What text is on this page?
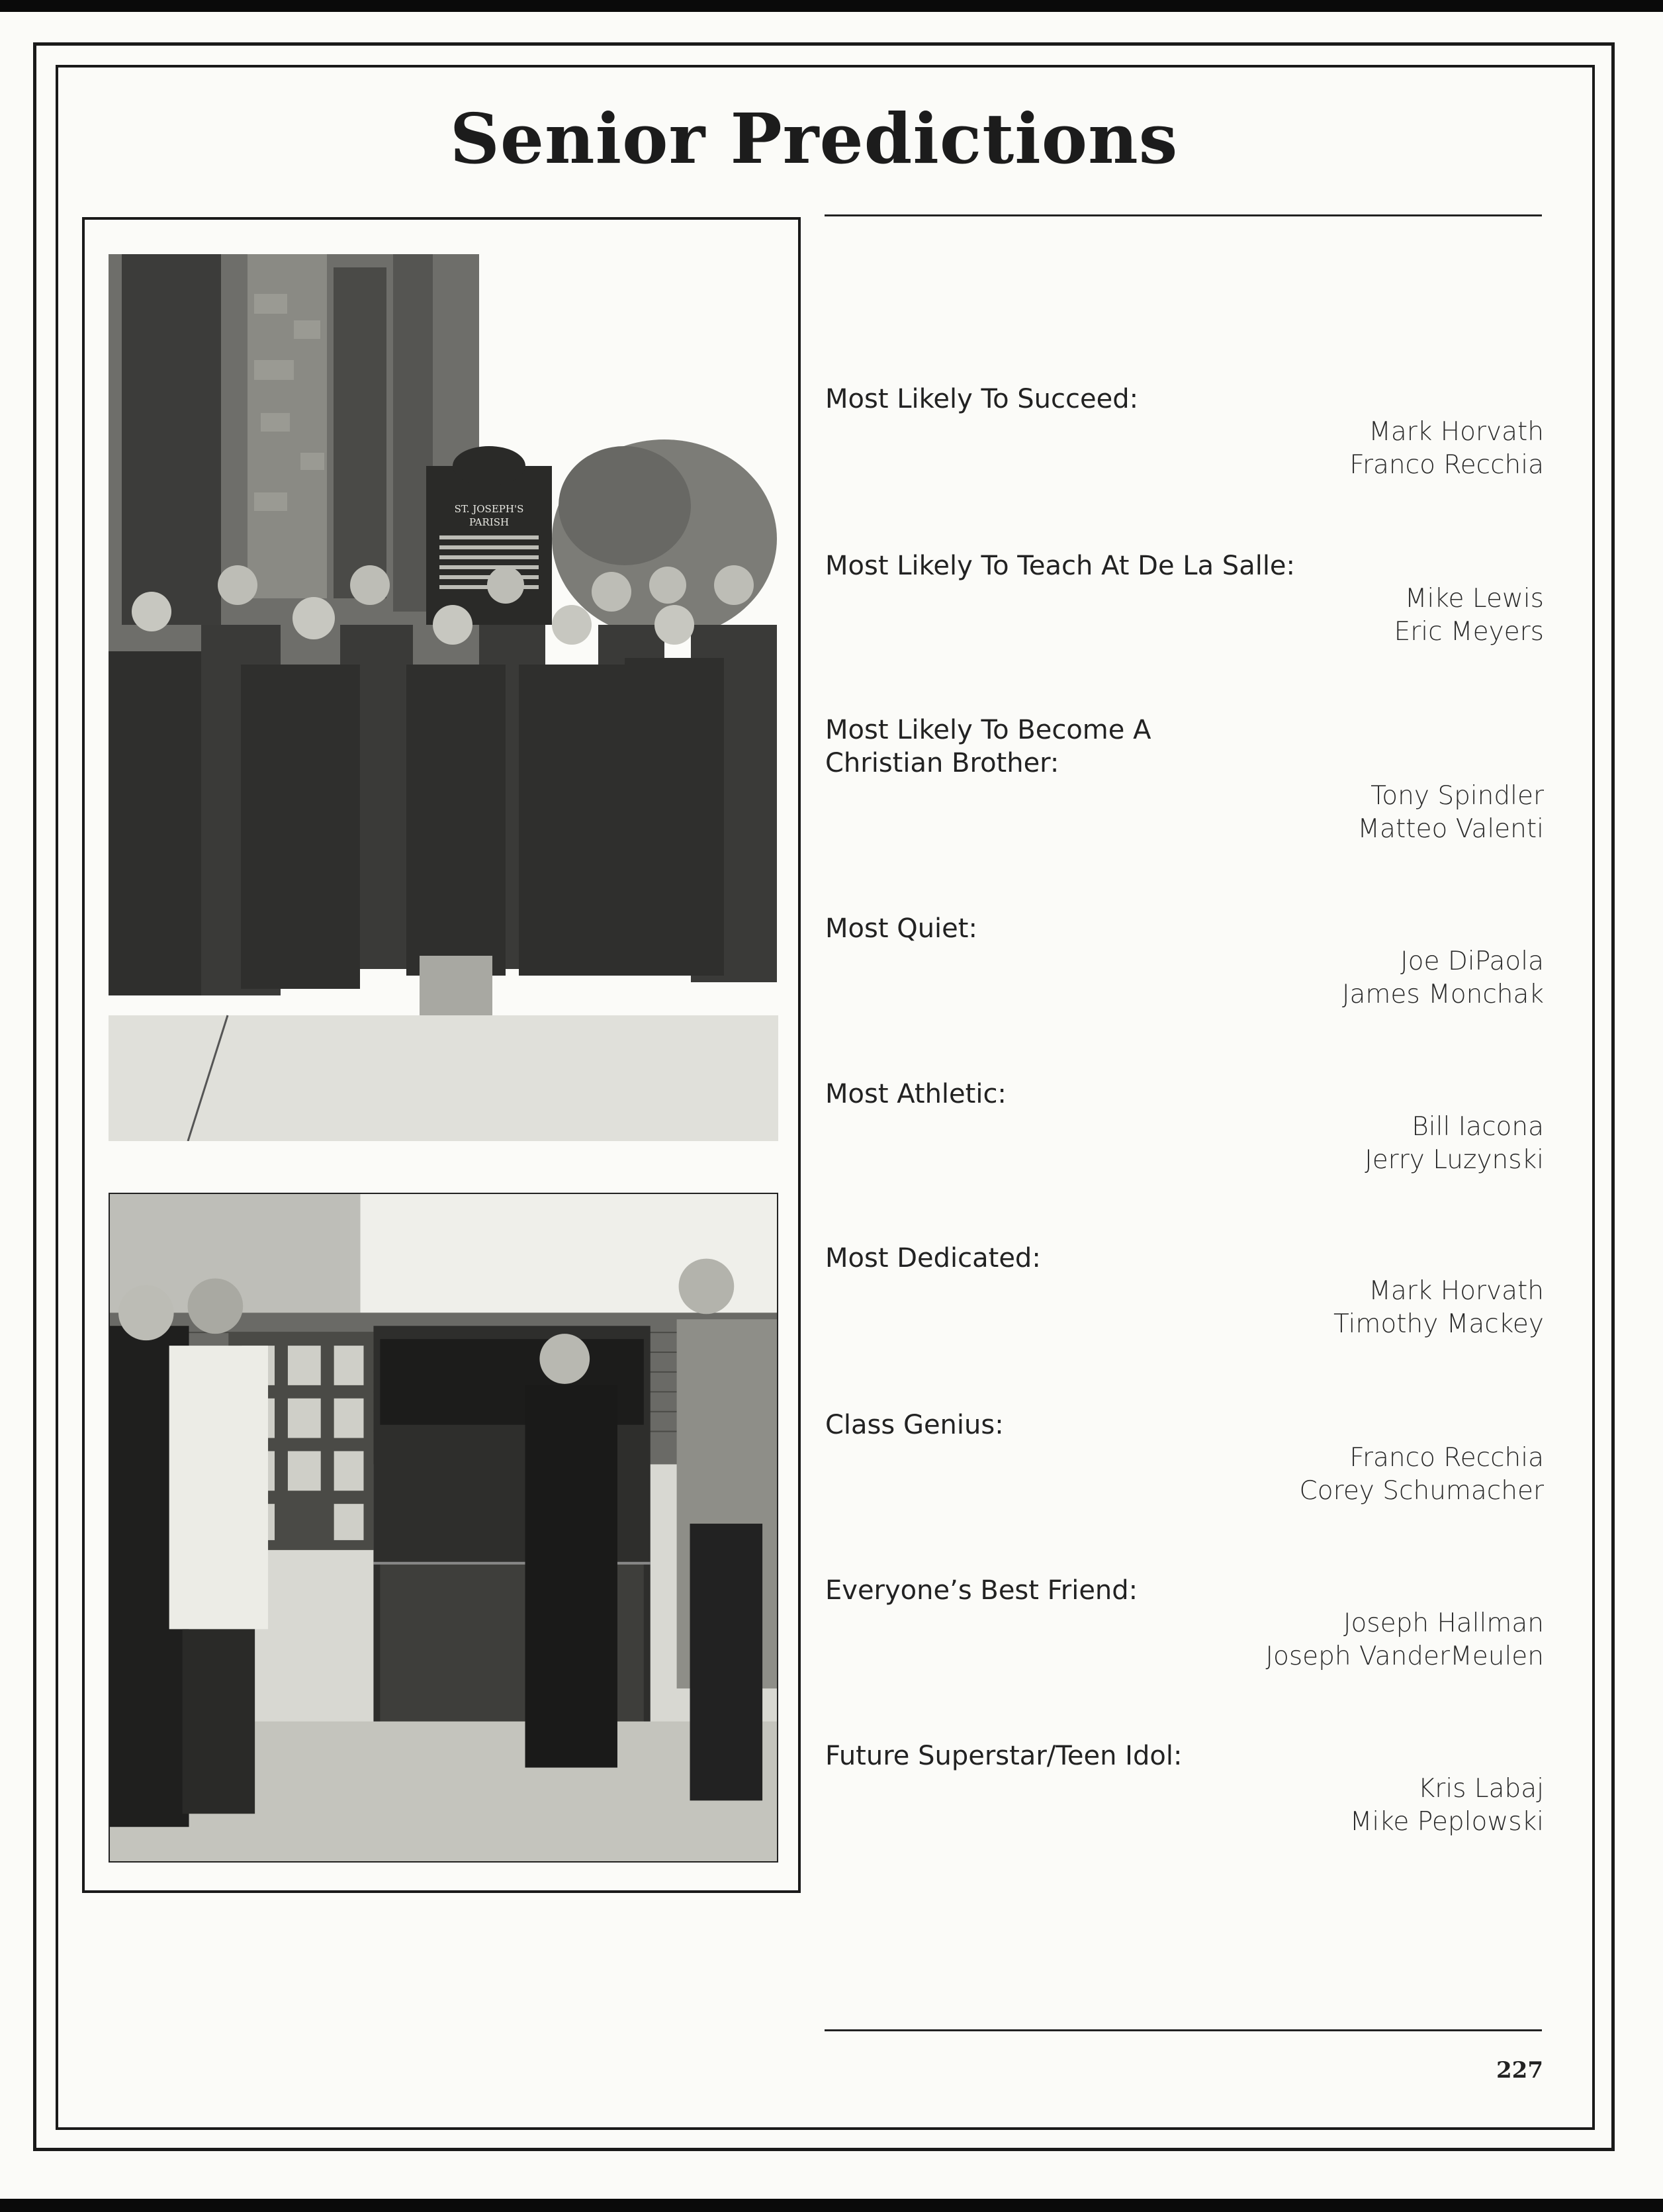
Senior Predictions
ST. JOSEPH'S
PARISH
Most Likely To Succeed:
Mark Horvath
Franco Recchia
Most Likely To Teach At De La Salle:
Mike Lewis
Eric Meyers
Most Likely To Become A
Christian Brother:
Tony Spindler
Matteo Valenti
Most Quiet:
Joe DiPaola
James Monchak
Most Athletic:
Bill Iacona
Jerry Luzynski
Most Dedicated:
Mark Horvath
Timothy Mackey
Class Genius:
Franco Recchia
Corey Schumacher
Everyone’s Best Friend:
Joseph Hallman
Joseph VanderMeulen
Future Superstar/Teen Idol:
Kris Labaj
Mike Peplowski
227
